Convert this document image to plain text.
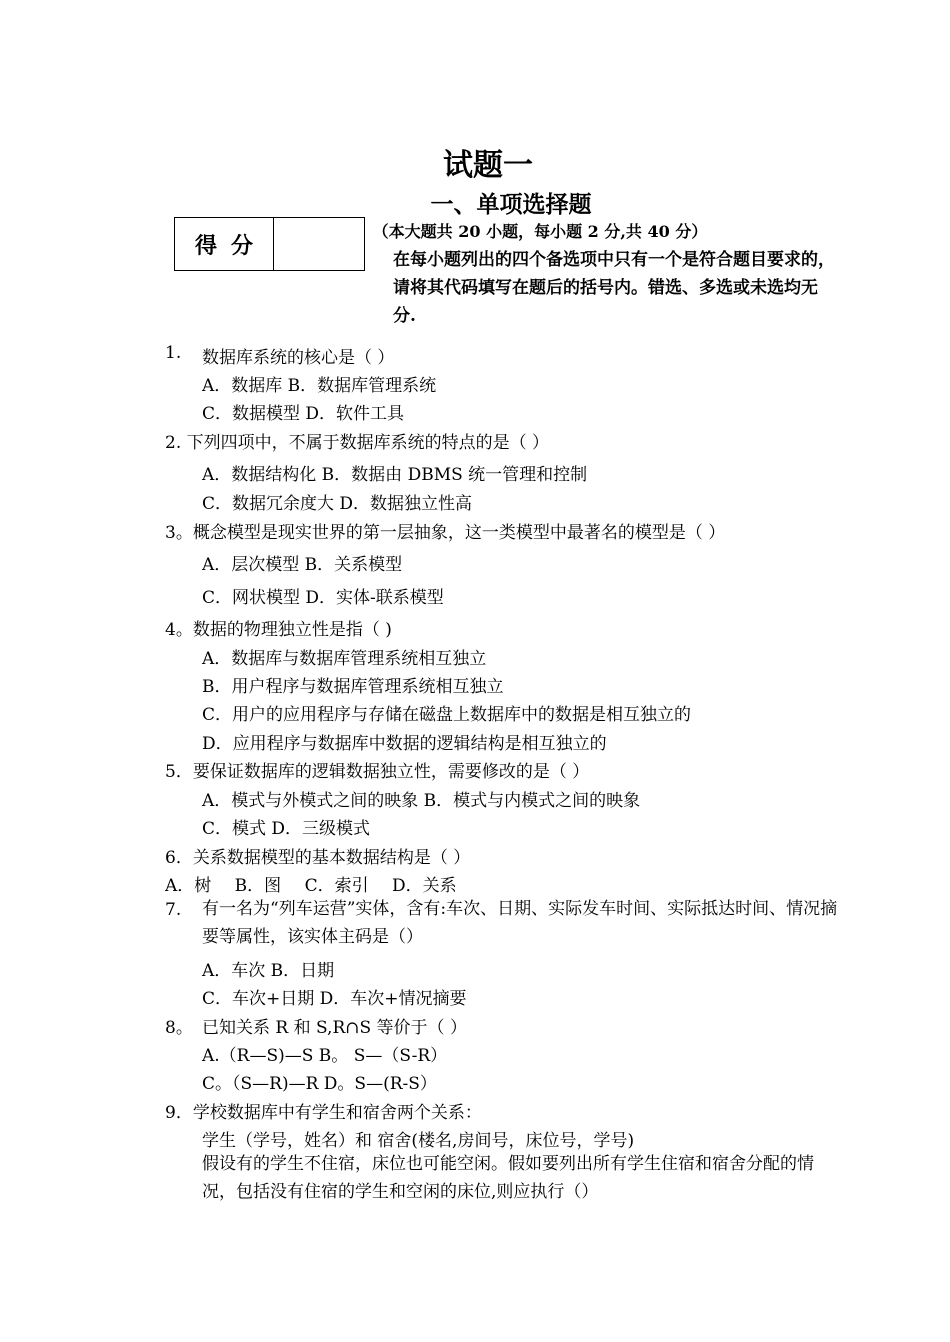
试题一
一、单项选择题
（本大题共 20 小题，每小题 2 分,共 40 分）
在每小题列出的四个备选项中只有一个是符合题目要求的，请将其代码填写在题后的括号内。错选、多选或未选均无分.
得分	
1. 数据库系统的核心是（ ）
A．数据库 B．数据库管理系统
C．数据模型 D．软件工具
2. 下列四项中，不属于数据库系统的特点的是（ ）
A．数据结构化 B．数据由 DBMS 统一管理和控制
C．数据冗余度大 D．数据独立性高
3。概念模型是现实世界的第一层抽象，这一类模型中最著名的模型是（ ）
A．层次模型 B．关系模型
C．网状模型 D．实体-联系模型
4。数据的物理独立性是指（ )
A．数据库与数据库管理系统相互独立
B．用户程序与数据库管理系统相互独立
C．用户的应用程序与存储在磁盘上数据库中的数据是相互独立的
D．应用程序与数据库中数据的逻辑结构是相互独立的
5．要保证数据库的逻辑数据独立性，需要修改的是（ ）
A．模式与外模式之间的映象 B．模式与内模式之间的映象
C．模式 D．三级模式
6．关系数据模型的基本数据结构是（ ）
A．树 B．图 C．索引 D．关系
7. 有一名为“列车运营”实体，含有:车次、日期、实际发车时间、实际抵达时间、情况摘要等属性，该实体主码是（）
A．车次 B．日期
C．车次+日期 D．车次+情况摘要
8。 已知关系 R 和 S,R∩S 等价于（ ）
A.（R—S)—S B。 S—（S-R）
C。（S—R)—R D。S—(R-S）
9．学校数据库中有学生和宿舍两个关系：
学生（学号，姓名）和 宿舍(楼名,房间号，床位号，学号)
假设有的学生不住宿，床位也可能空闲。假如要列出所有学生住宿和宿舍分配的情况，包括没有住宿的学生和空闲的床位,则应执行（）
